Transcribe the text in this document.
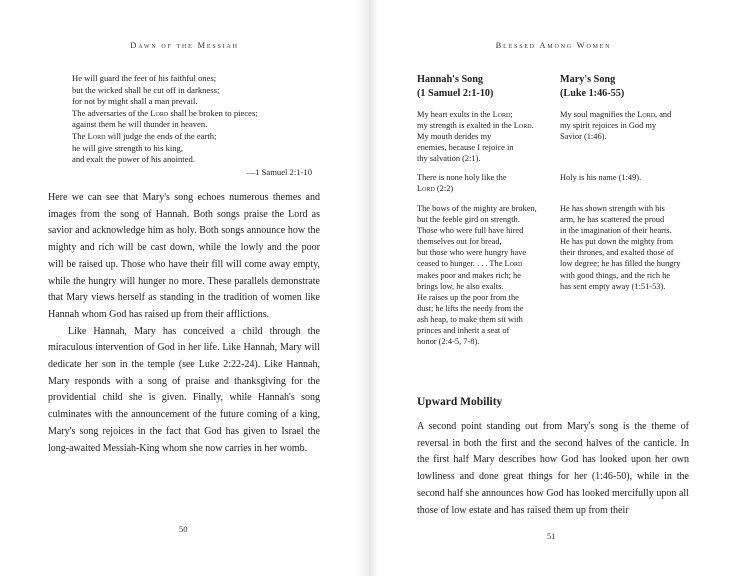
Dawn of the Messiah
He will guard the feet of his faithful ones;
but the wicked shall be cut off in darkness;
for not by might shall a man prevail.
The adversaries of the Lord shall be broken to pieces;
against them he will thunder in heaven.
The Lord will judge the ends of the earth;
he will give strength to his king,
and exalt the power of his anointed.
—1 Samuel 2:1-10

Here we can see that Mary's song echoes numerous themes and images from the song of Hannah. Both songs praise the Lord as savior and acknowledge him as holy. Both songs announce how the mighty and rich will be cast down, while the lowly and the poor will be raised up. Those who have their fill will come away empty, while the hungry will hunger no more. These parallels demonstrate that Mary views herself as standing in the tradition of women like Hannah whom God has raised up from their afflictions.

Like Hannah, Mary has conceived a child through the miraculous intervention of God in her life. Like Hannah, Mary will dedicate her son in the temple (see Luke 2:22-24). Like Hannah, Mary responds with a song of praise and thanksgiving for the providential child she is given. Finally, while Hannah's song culminates with the announcement of the future coming of a king, Mary's song rejoices in the fact that God has given to Israel the long-awaited Messiah-King whom she now carries in her womb.

50
Blessed Among Women
Hannah's Song
(1 Samuel 2:1-10)
My heart exults in the Lord;
my strength is exalted in the Lord.
My mouth derides my
enemies, because I rejoice in
thy salvation (2:1).
There is none holy like the
Lord (2:2)
The bows of the mighty are broken,
but the feeble gird on strength.
Those who were full have hired
themselves out for bread,
but those who were hungry have
ceased to hunger. . . . The Lord
makes poor and makes rich; he
brings low, he also exalts.
He raises up the poor from the
dust; he lifts the needy from the
ash heap, to make them sit with
princes and inherit a seat of
honor (2:4-5, 7-8).
Mary's Song
(Luke 1:46-55)
My soul magnifies the Lord, and
my spirit rejoices in God my
Savior (1:46).
Holy is his name (1:49).
He has shown strength with his
arm, he has scattered the proud
in the imagination of their hearts.
He has put down the mighty from
their thrones, and exalted those of
low degree; he has filled the hungry
with good things, and the rich he
has sent empty away (1:51-53).
Upward Mobility

A second point standing out from Mary's song is the theme of reversal in both the first and the second halves of the canticle. In the first half Mary describes how God has looked upon her own lowliness and done great things for her (1:46-50), while in the second half she announces how God has looked mercifully upon all those of low estate and has raised them up from their

51
